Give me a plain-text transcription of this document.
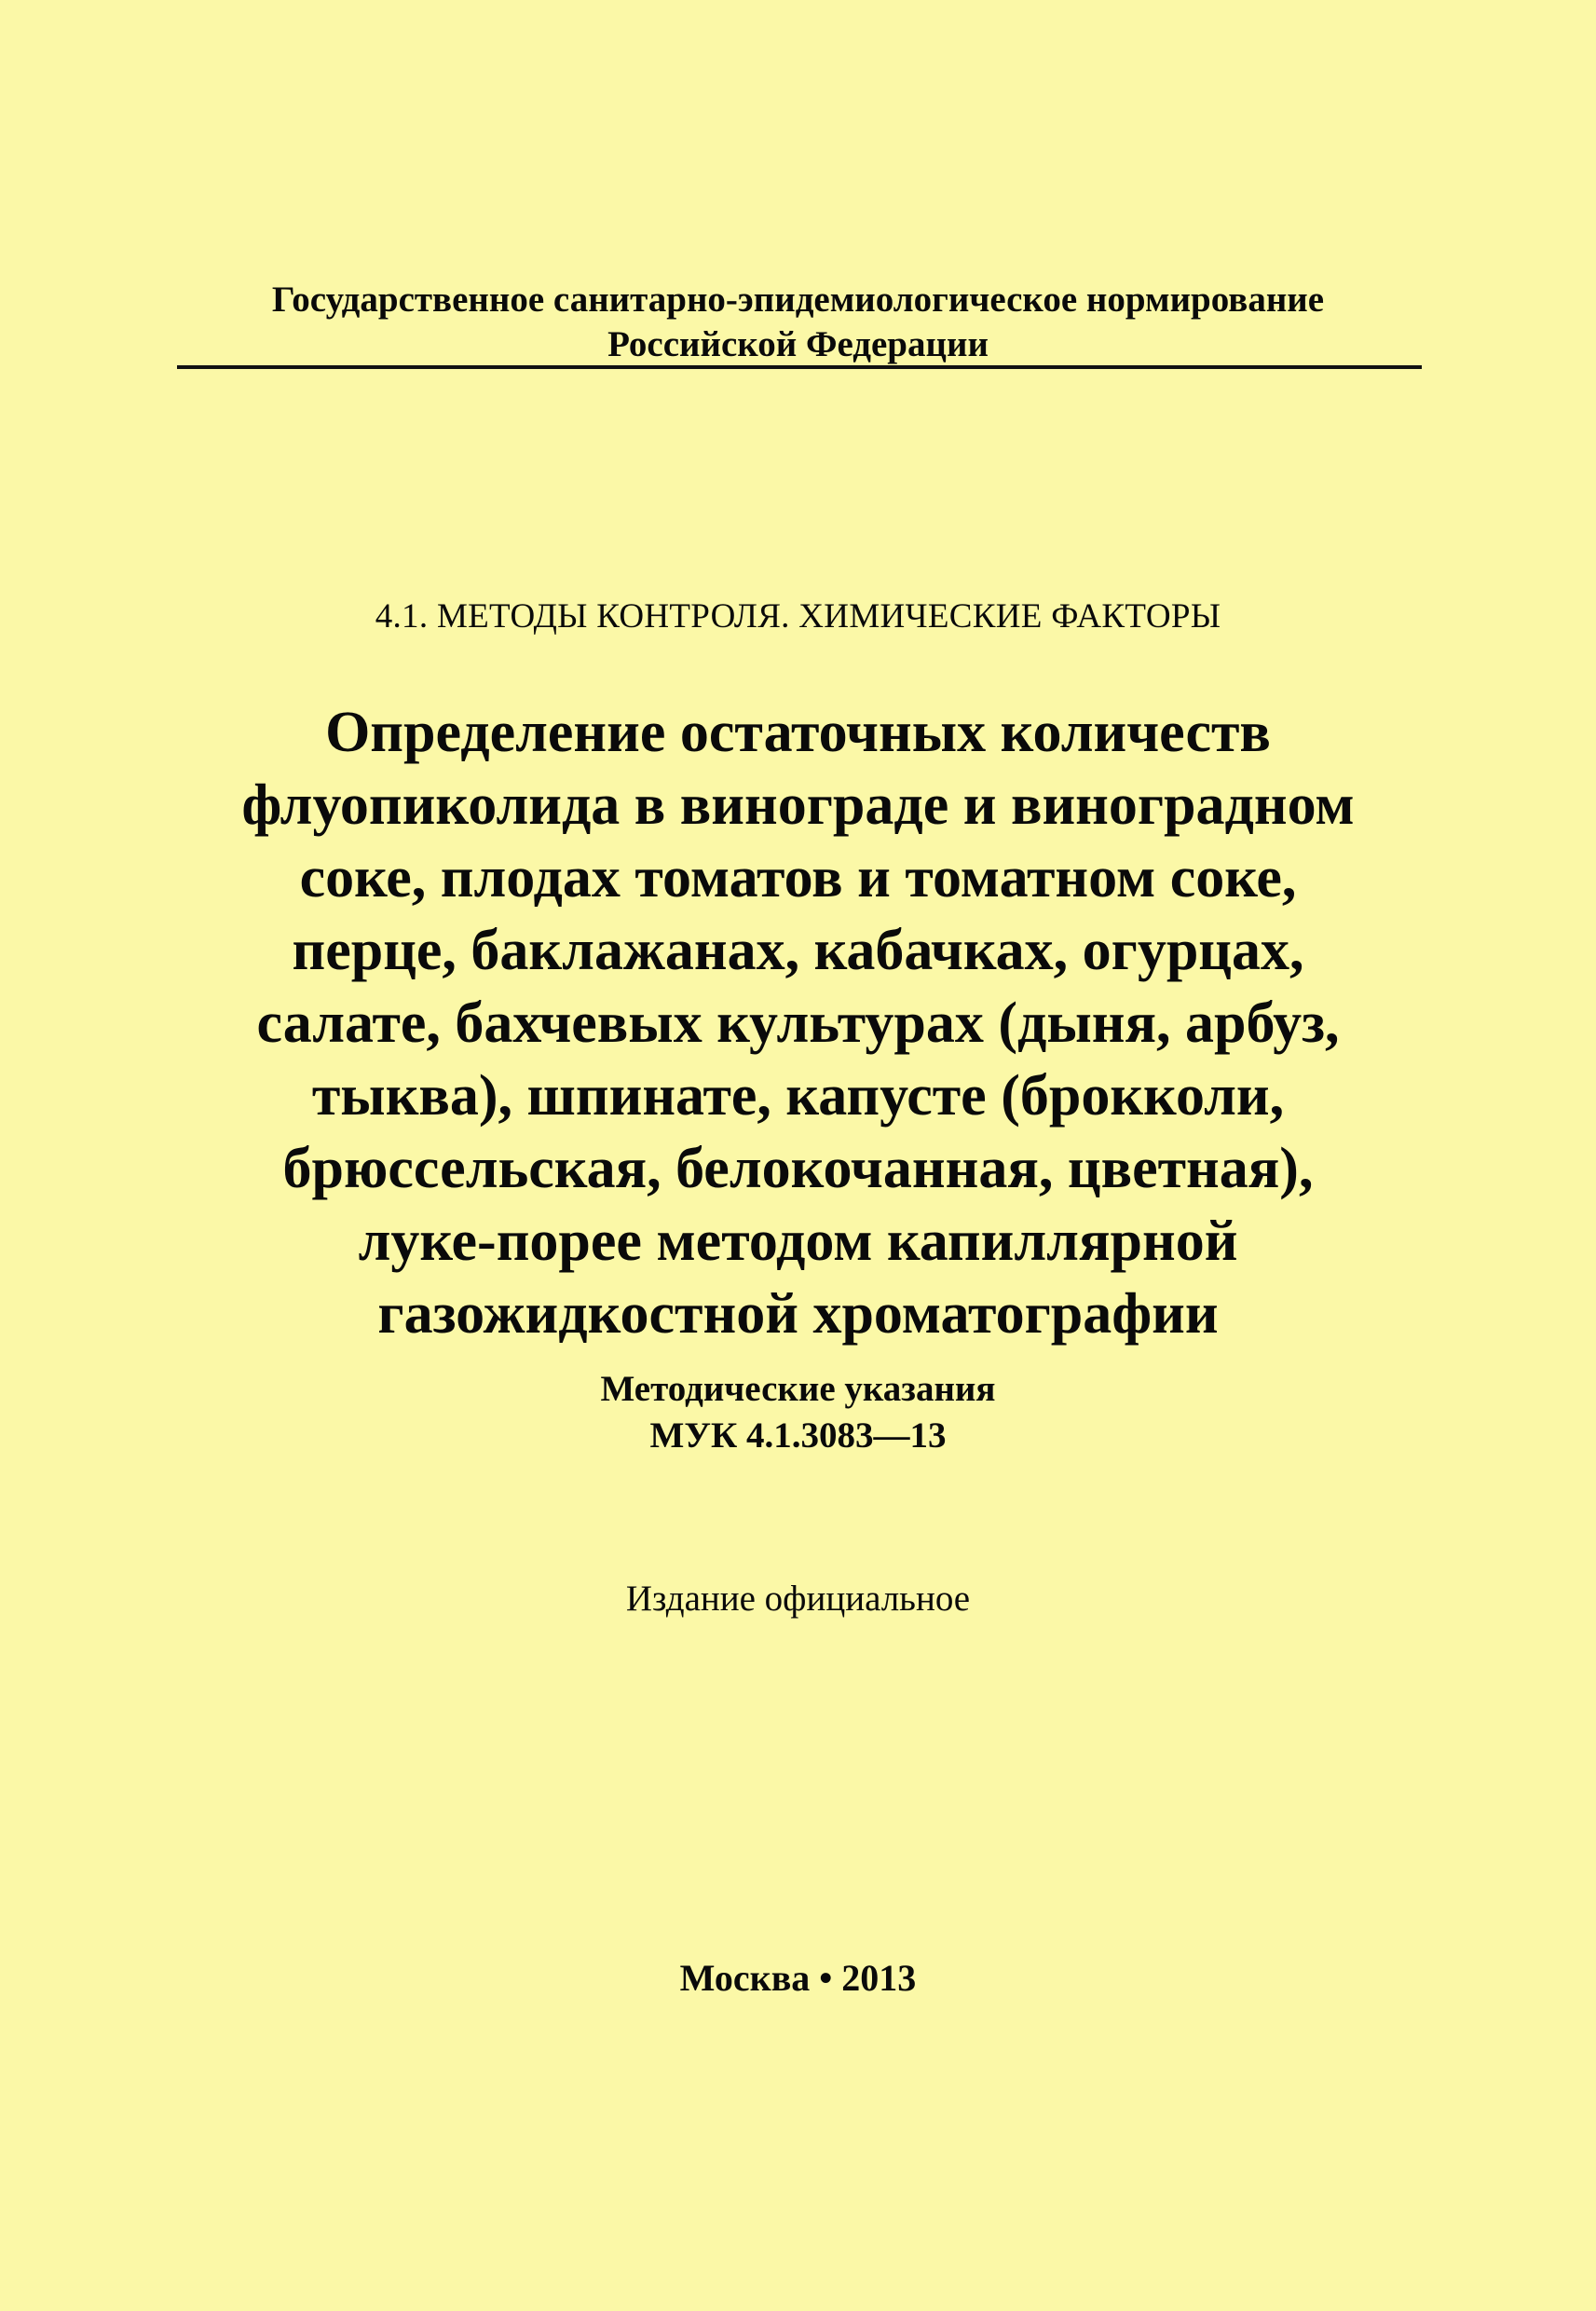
Государственное санитарно-эпидемиологическое нормирование
Российской Федерации
4.1. МЕТОДЫ КОНТРОЛЯ. ХИМИЧЕСКИЕ ФАКТОРЫ
Определение остаточных количеств
флуопиколида в винограде и виноградном
соке, плодах томатов и томатном соке,
перце, баклажанах, кабачках, огурцах,
салате, бахчевых культурах (дыня, арбуз,
тыква), шпинате, капусте (брокколи,
брюссельская, белокочанная, цветная),
луке-порее методом капиллярной
газожидкостной хроматографии
Методические указания
МУК 4.1.3083—13
Издание официальное
Москва • 2013
